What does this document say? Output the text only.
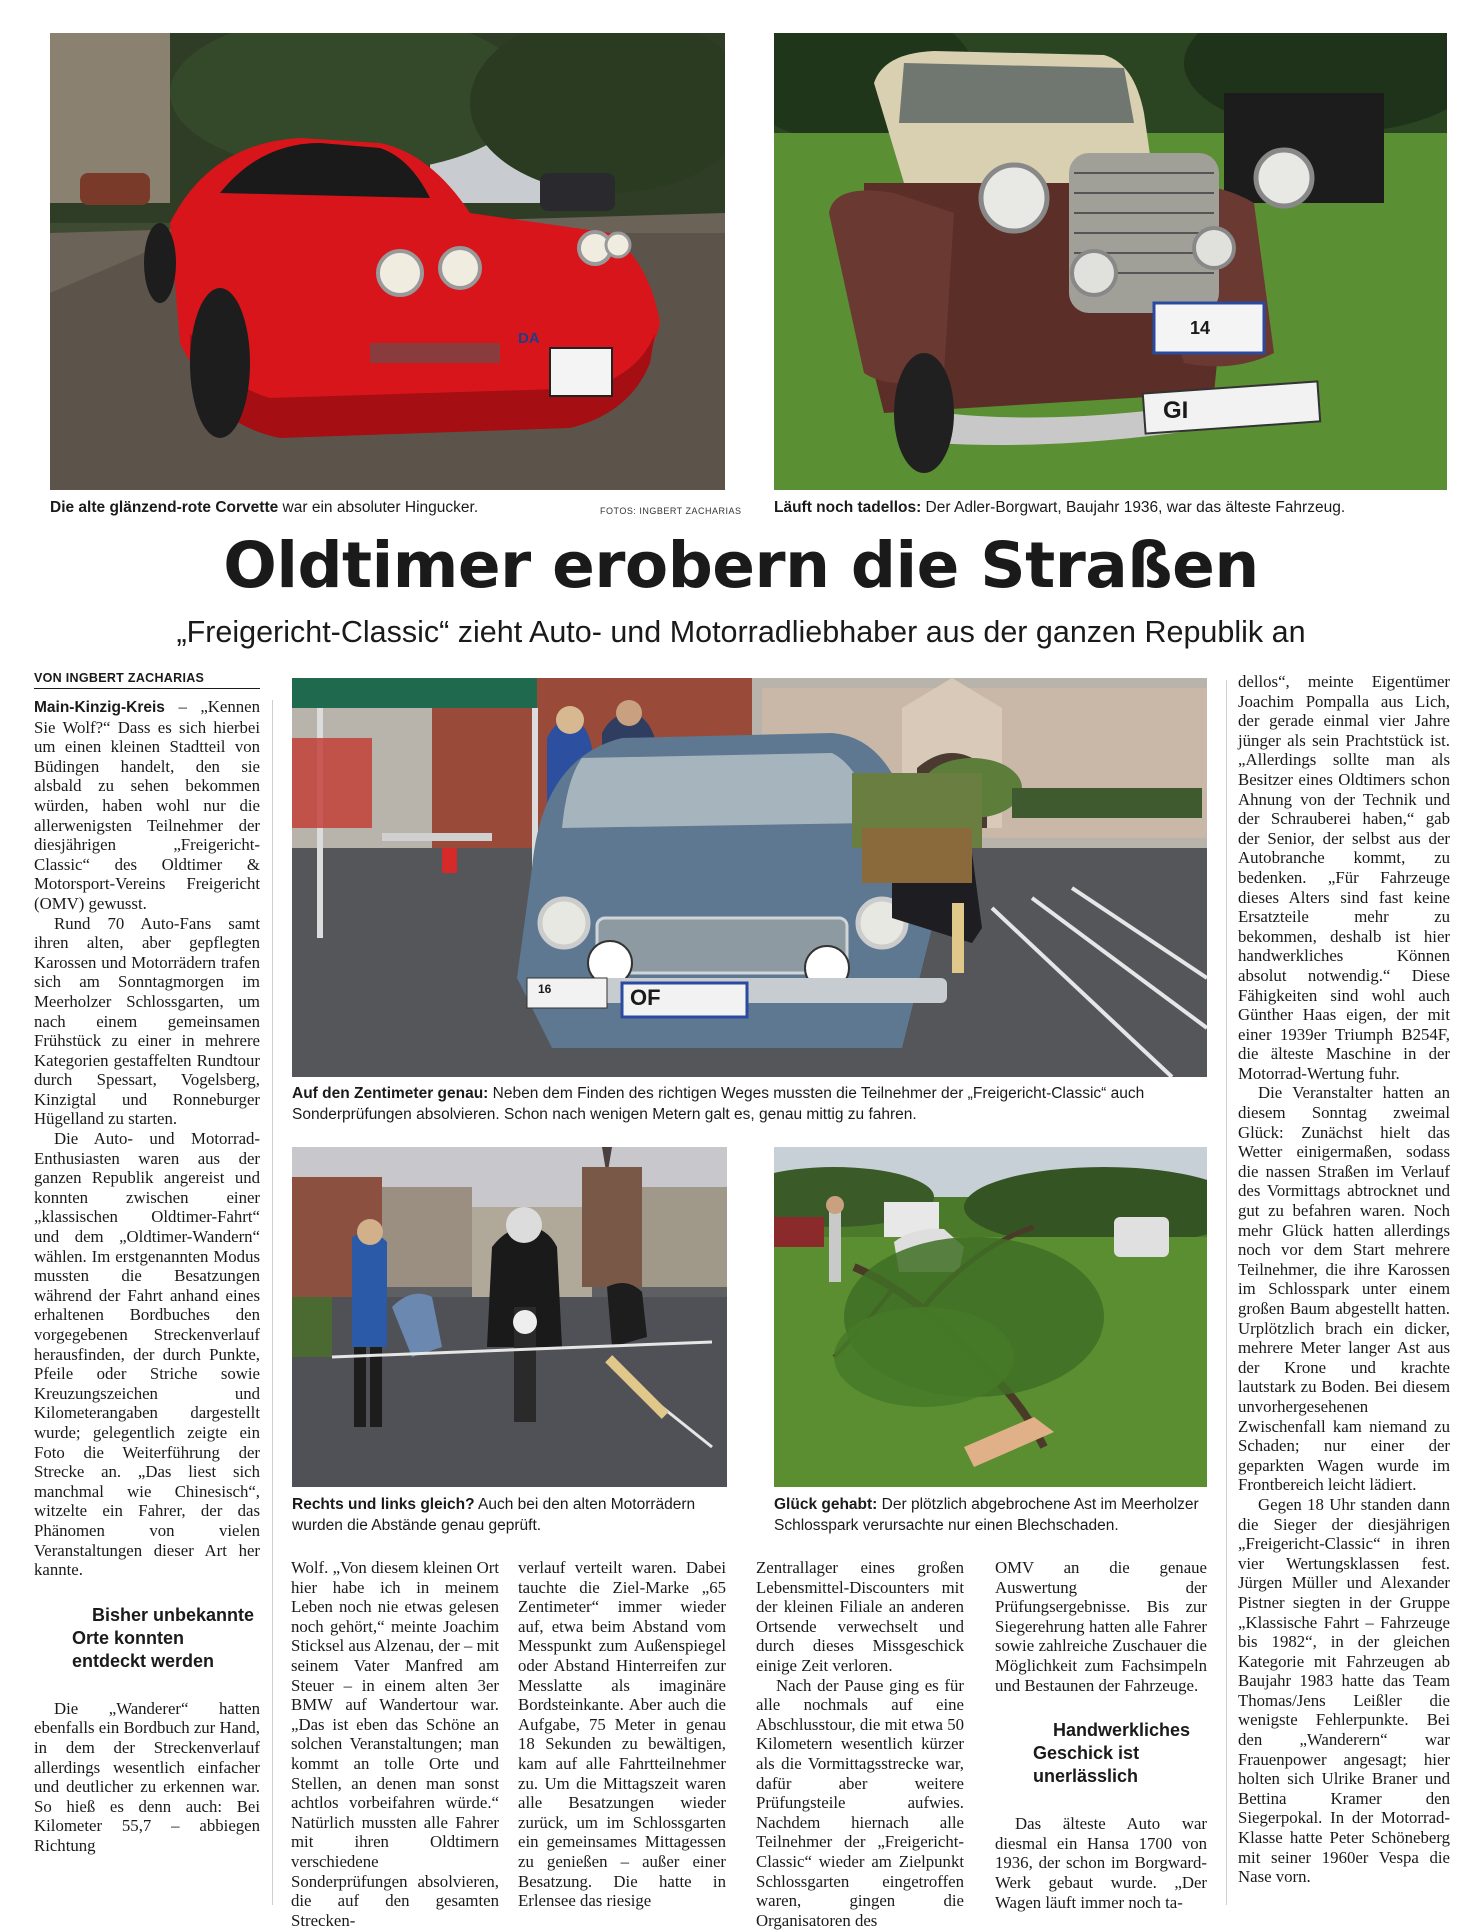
DA
Die alte glänzend-rote Corvette war ein absoluter Hingucker.	FOTOS: INGBERT ZACHARIAS
14
GI
Läuft noch tadellos: Der Adler-Borgwart, Baujahr 1936, war das älteste Fahrzeug.
Oldtimer erobern die Straßen
„Freigericht-Classic“ zieht Auto- und Motorradliebhaber aus der ganzen Republik an
VON INGBERT ZACHARIAS
16	OF
Auf den Zentimeter genau: Neben dem Finden des richtigen Weges mussten die Teilnehmer der „Freigericht-Classic“ auch Sonderprüfungen absolvieren. Schon nach wenigen Metern galt es, genau mittig zu fahren.
Rechts und links gleich? Auch bei den alten Motorrädern wurden die Abstände genau geprüft.
Glück gehabt: Der plötzlich abgebrochene Ast im Meerholzer Schlosspark verursachte nur einen Blechschaden.

Main-Kinzig-Kreis – „Kennen Sie Wolf?“ Dass es sich hierbei um einen kleinen Stadtteil von Büdingen handelt, den sie alsbald zu sehen bekommen würden, haben wohl nur die allerwenigsten Teilnehmer der diesjährigen „Freigericht-Classic“ des Oldtimer & Motorsport-Vereins Freigericht (OMV) gewusst.

Rund 70 Auto-Fans samt ihren alten, aber gepflegten Karossen und Motorrädern trafen sich am Sonntagmorgen im Meerholzer Schlossgarten, um nach einem gemeinsamen Frühstück zu einer in mehrere Kategorien gestaffelten Rundtour durch Spessart, Vogelsberg, Kinzigtal und Ronneburger Hügelland zu starten.

Die Auto- und Motorrad-Enthusiasten waren aus der ganzen Republik angereist und konnten zwischen einer „klassischen Oldtimer-Fahrt“ und dem „Oldtimer-Wandern“ wählen. Im erstgenannten Modus mussten die Besatzungen während der Fahrt anhand eines erhaltenen Bordbuches den vorgegebenen Streckenverlauf herausfinden, der durch Punkte, Pfeile oder Striche sowie Kreuzungszeichen und Kilometerangaben dargestellt wurde; gelegentlich zeigte ein Foto die Weiterführung der Strecke an. „Das liest sich manchmal wie Chinesisch“, witzelte ein Fahrer, der das Phänomen von vielen Veranstaltungen dieser Art her kannte.

Bisher unbekannte Orte konnten entdeckt werden

Die „Wanderer“ hatten ebenfalls ein Bordbuch zur Hand, in dem der Streckenverlauf allerdings wesentlich einfacher und deutlicher zu erkennen war. So hieß es denn auch: Bei Kilometer 55,7 – abbiegen Richtung

Wolf. „Von diesem kleinen Ort hier habe ich in meinem Leben noch nie etwas gelesen noch gehört,“ meinte Joachim Sticksel aus Alzenau, der – mit seinem Vater Manfred am Steuer – in einem alten 3er BMW auf Wandertour war. „Das ist eben das Schöne an solchen Veranstaltungen; man kommt an tolle Orte und Stellen, an denen man sonst achtlos vorbeifahren würde.“ Natürlich mussten alle Fahrer mit ihren Oldtimern verschiedene Sonderprüfungen absolvieren, die auf den gesamten Strecken-

verlauf verteilt waren. Dabei tauchte die Ziel-Marke „65 Zentimeter“ immer wieder auf, etwa beim Abstand vom Messpunkt zum Außenspiegel oder Abstand Hinterreifen zur Messlatte als imaginäre Bordsteinkante. Aber auch die Aufgabe, 75 Meter in genau 18 Sekunden zu bewältigen, kam auf alle Fahrtteilnehmer zu. Um die Mittagszeit waren alle Besatzungen wieder zurück, um im Schlossgarten ein gemeinsames Mittagessen zu genießen – außer einer Besatzung. Die hatte in Erlensee das riesige

Zentrallager eines großen Lebensmittel-Discounters mit der kleinen Filiale an anderen Ortsende verwechselt und durch dieses Missgeschick einige Zeit verloren.

Nach der Pause ging es für alle nochmals auf eine Abschlusstour, die mit etwa 50 Kilometern wesentlich kürzer als die Vormittagsstrecke war, dafür aber weitere Prüfungsteile aufwies. Nachdem hiernach alle Teilnehmer der „Freigericht-Classic“ wieder am Zielpunkt Schlossgarten eingetroffen waren, gingen die Organisatoren des

OMV an die genaue Auswertung der Prüfungsergebnisse. Bis zur Siegerehrung hatten alle Fahrer sowie zahlreiche Zuschauer die Möglichkeit zum Fachsimpeln und Bestaunen der Fahrzeuge.

Handwerkliches Geschick ist unerlässlich

Das älteste Auto war diesmal ein Hansa 1700 von 1936, der schon im Borgward-Werk gebaut wurde. „Der Wagen läuft immer noch ta-

dellos“, meinte Eigentümer Joachim Pompalla aus Lich, der gerade einmal vier Jahre jünger als sein Prachtstück ist. „Allerdings sollte man als Besitzer eines Oldtimers schon Ahnung von der Technik und der Schrauberei haben,“ gab der Senior, der selbst aus der Autobranche kommt, zu bedenken. „Für Fahrzeuge dieses Alters sind fast keine Ersatzteile mehr zu bekommen, deshalb ist hier handwerkliches Können absolut notwendig.“ Diese Fähigkeiten sind wohl auch Günther Haas eigen, der mit einer 1939er Triumph B254F, die älteste Maschine in der Motorrad-Wertung fuhr.

Die Veranstalter hatten an diesem Sonntag zweimal Glück: Zunächst hielt das Wetter einigermaßen, sodass die nassen Straßen im Verlauf des Vormittags abtrocknet und gut zu befahren waren. Noch mehr Glück hatten allerdings noch vor dem Start mehrere Teilnehmer, die ihre Karossen im Schlosspark unter einem großen Baum abgestellt hatten. Urplötzlich brach ein dicker, mehrere Meter langer Ast aus der Krone und krachte lautstark zu Boden. Bei diesem unvorhergesehenen Zwischenfall kam niemand zu Schaden; nur einer der geparkten Wagen wurde im Frontbereich leicht lädiert.

Gegen 18 Uhr standen dann die Sieger der diesjährigen „Freigericht-Classic“ in ihren vier Wertungsklassen fest. Jürgen Müller und Alexander Pistner siegten in der Gruppe „Klassische Fahrt – Fahrzeuge bis 1982“, in der gleichen Kategorie mit Fahrzeugen ab Baujahr 1983 hatte das Team Thomas/Jens Leißler die wenigste Fehlerpunkte. Bei den „Wanderern“ war Frauenpower angesagt; hier holten sich Ulrike Braner und Bettina Kramer den Siegerpokal. In der Motorrad-Klasse hatte Peter Schöneberg mit seiner 1960er Vespa die Nase vorn.
